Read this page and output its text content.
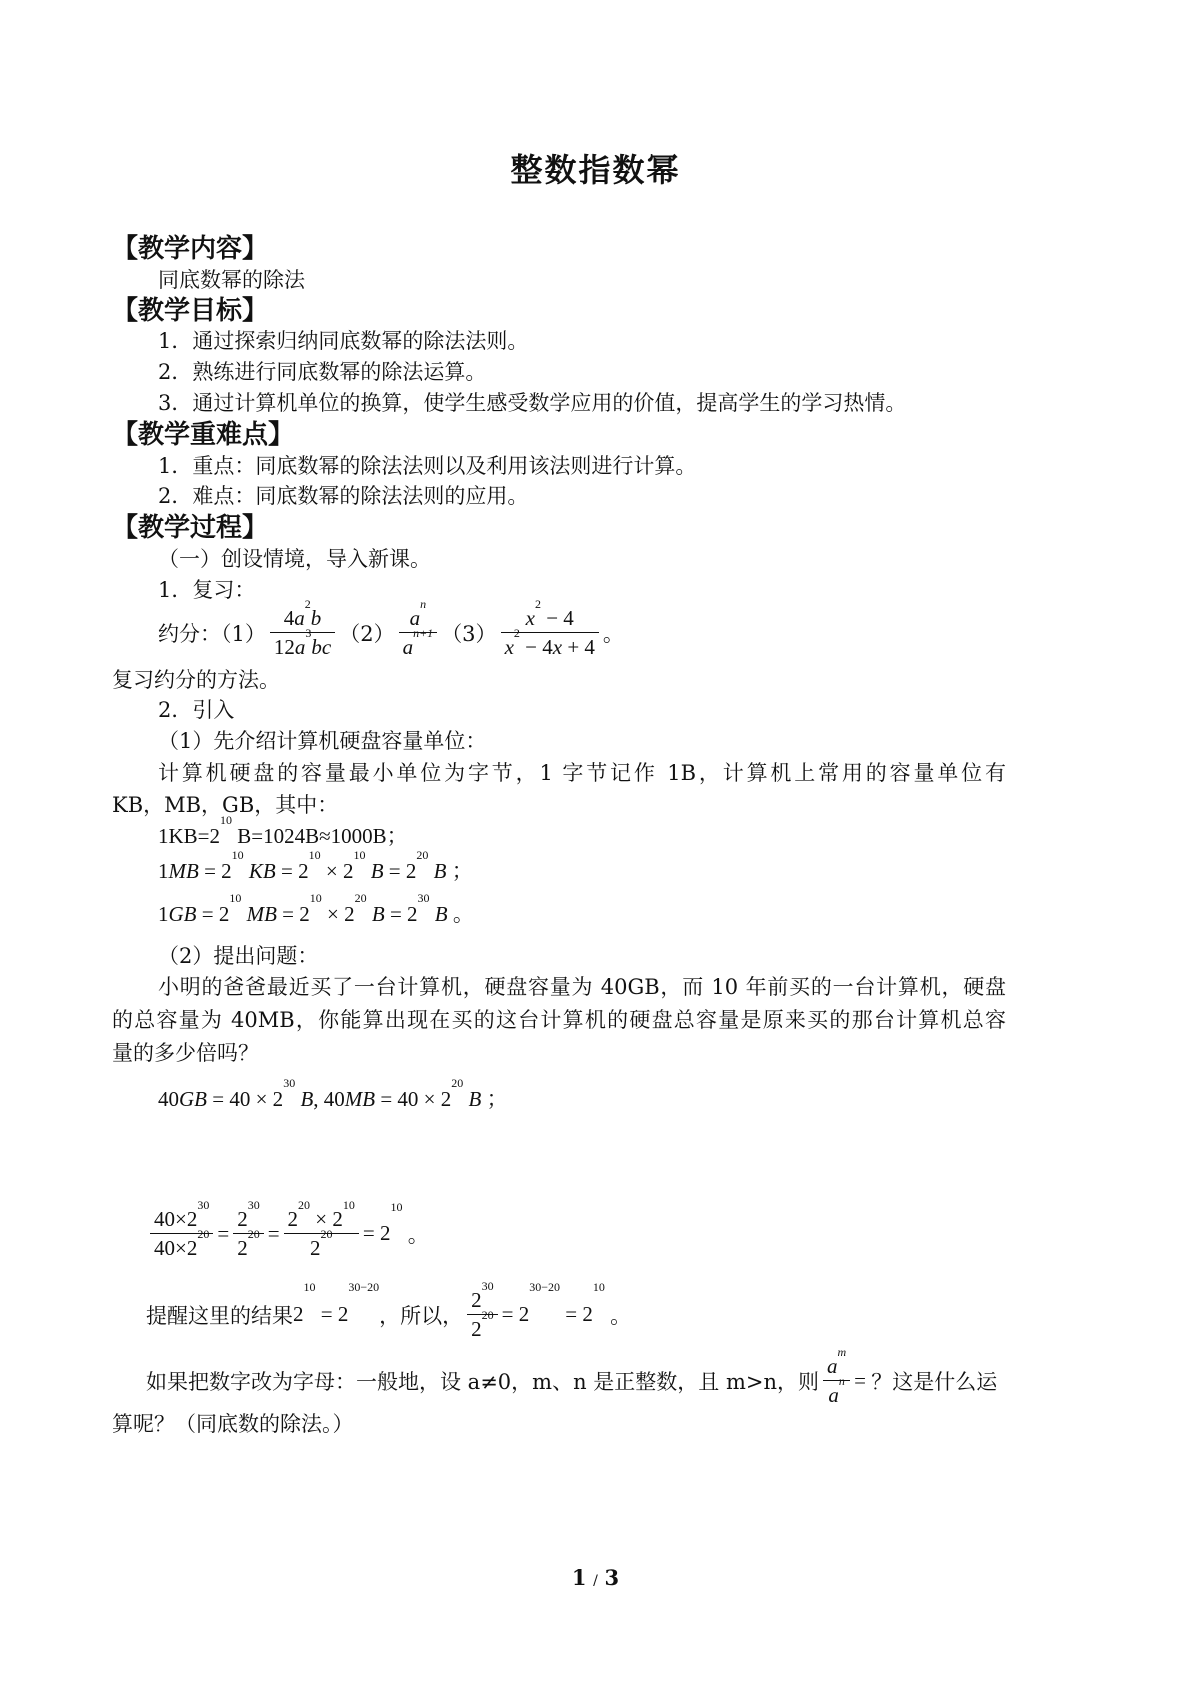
整数指数幂
【教学内容】
同底数幂的除法
【教学目标】
1．通过探索归纳同底数幂的除法法则。
2．熟练进行同底数幂的除法运算。
3．通过计算机单位的换算，使学生感受数学应用的价值，提高学生的学习热情。
【教学重难点】
1．重点：同底数幂的除法法则以及利用该法则进行计算。
2．难点：同底数幂的除法法则的应用。
【教学过程】
（一）创设情境，导入新课。
1．复习：
约分：$(1) \frac{4a^2b}{12a^3bc} (2) \frac{a^n}{a^{n+1}} (3) \frac{x^2 - 4}{x^2 - 4x + 4}$ 。
复习约分的方法。
2．引入
（1）先介绍计算机硬盘容量单位：
计算机硬盘的容量最小单位为字节，1 字节记作 1B，计算机上常用的容量单位有
KB，MB，GB，其中：
$1KB=2^{10}$ B=1024B≈1000B；
$1MB = 2^{10}$ KB = $2^{10} \times 2^{10}$ $B = 2^{20}$ B ；
$1GB = 2^{10}$ MB = $2^{10} \times 2^{20}$ $B = 2^{30}$ B 。
（2）提出问题：
小明的爸爸最近买了一台计算机，硬盘容量为 40GB，而 10 年前买的一台计算机，硬盘
的总容量为 40MB，你能算出现在买的这台计算机的硬盘总容量是原来买的那台计算机总容
量的多少倍吗？
$40GB = 40 \times 2^{30}$ B, $40MB = 40 \times 2^{20}$ B ；
$\frac{40\times 2^{30}}{40\times 2^{20}} = \frac{2^{30}}{2^{20}} = \frac{2^{20} \times 2^{10}}{2^{20}} = 2^{10}$ 。
提醒这里的结果$2^{10} = 2^{30-20}$，所以， $\frac{2^{30}}{2^{20}} = 2^{30-20} = 2^{10}$ 。
如果把数字改为字母：一般地，设 a≠0，m、n 是正整数，且 m>n，则 $\frac{a^m}{a^n}$ = ？这是什么运
算呢？（同底数的除法。）
1 / 3
